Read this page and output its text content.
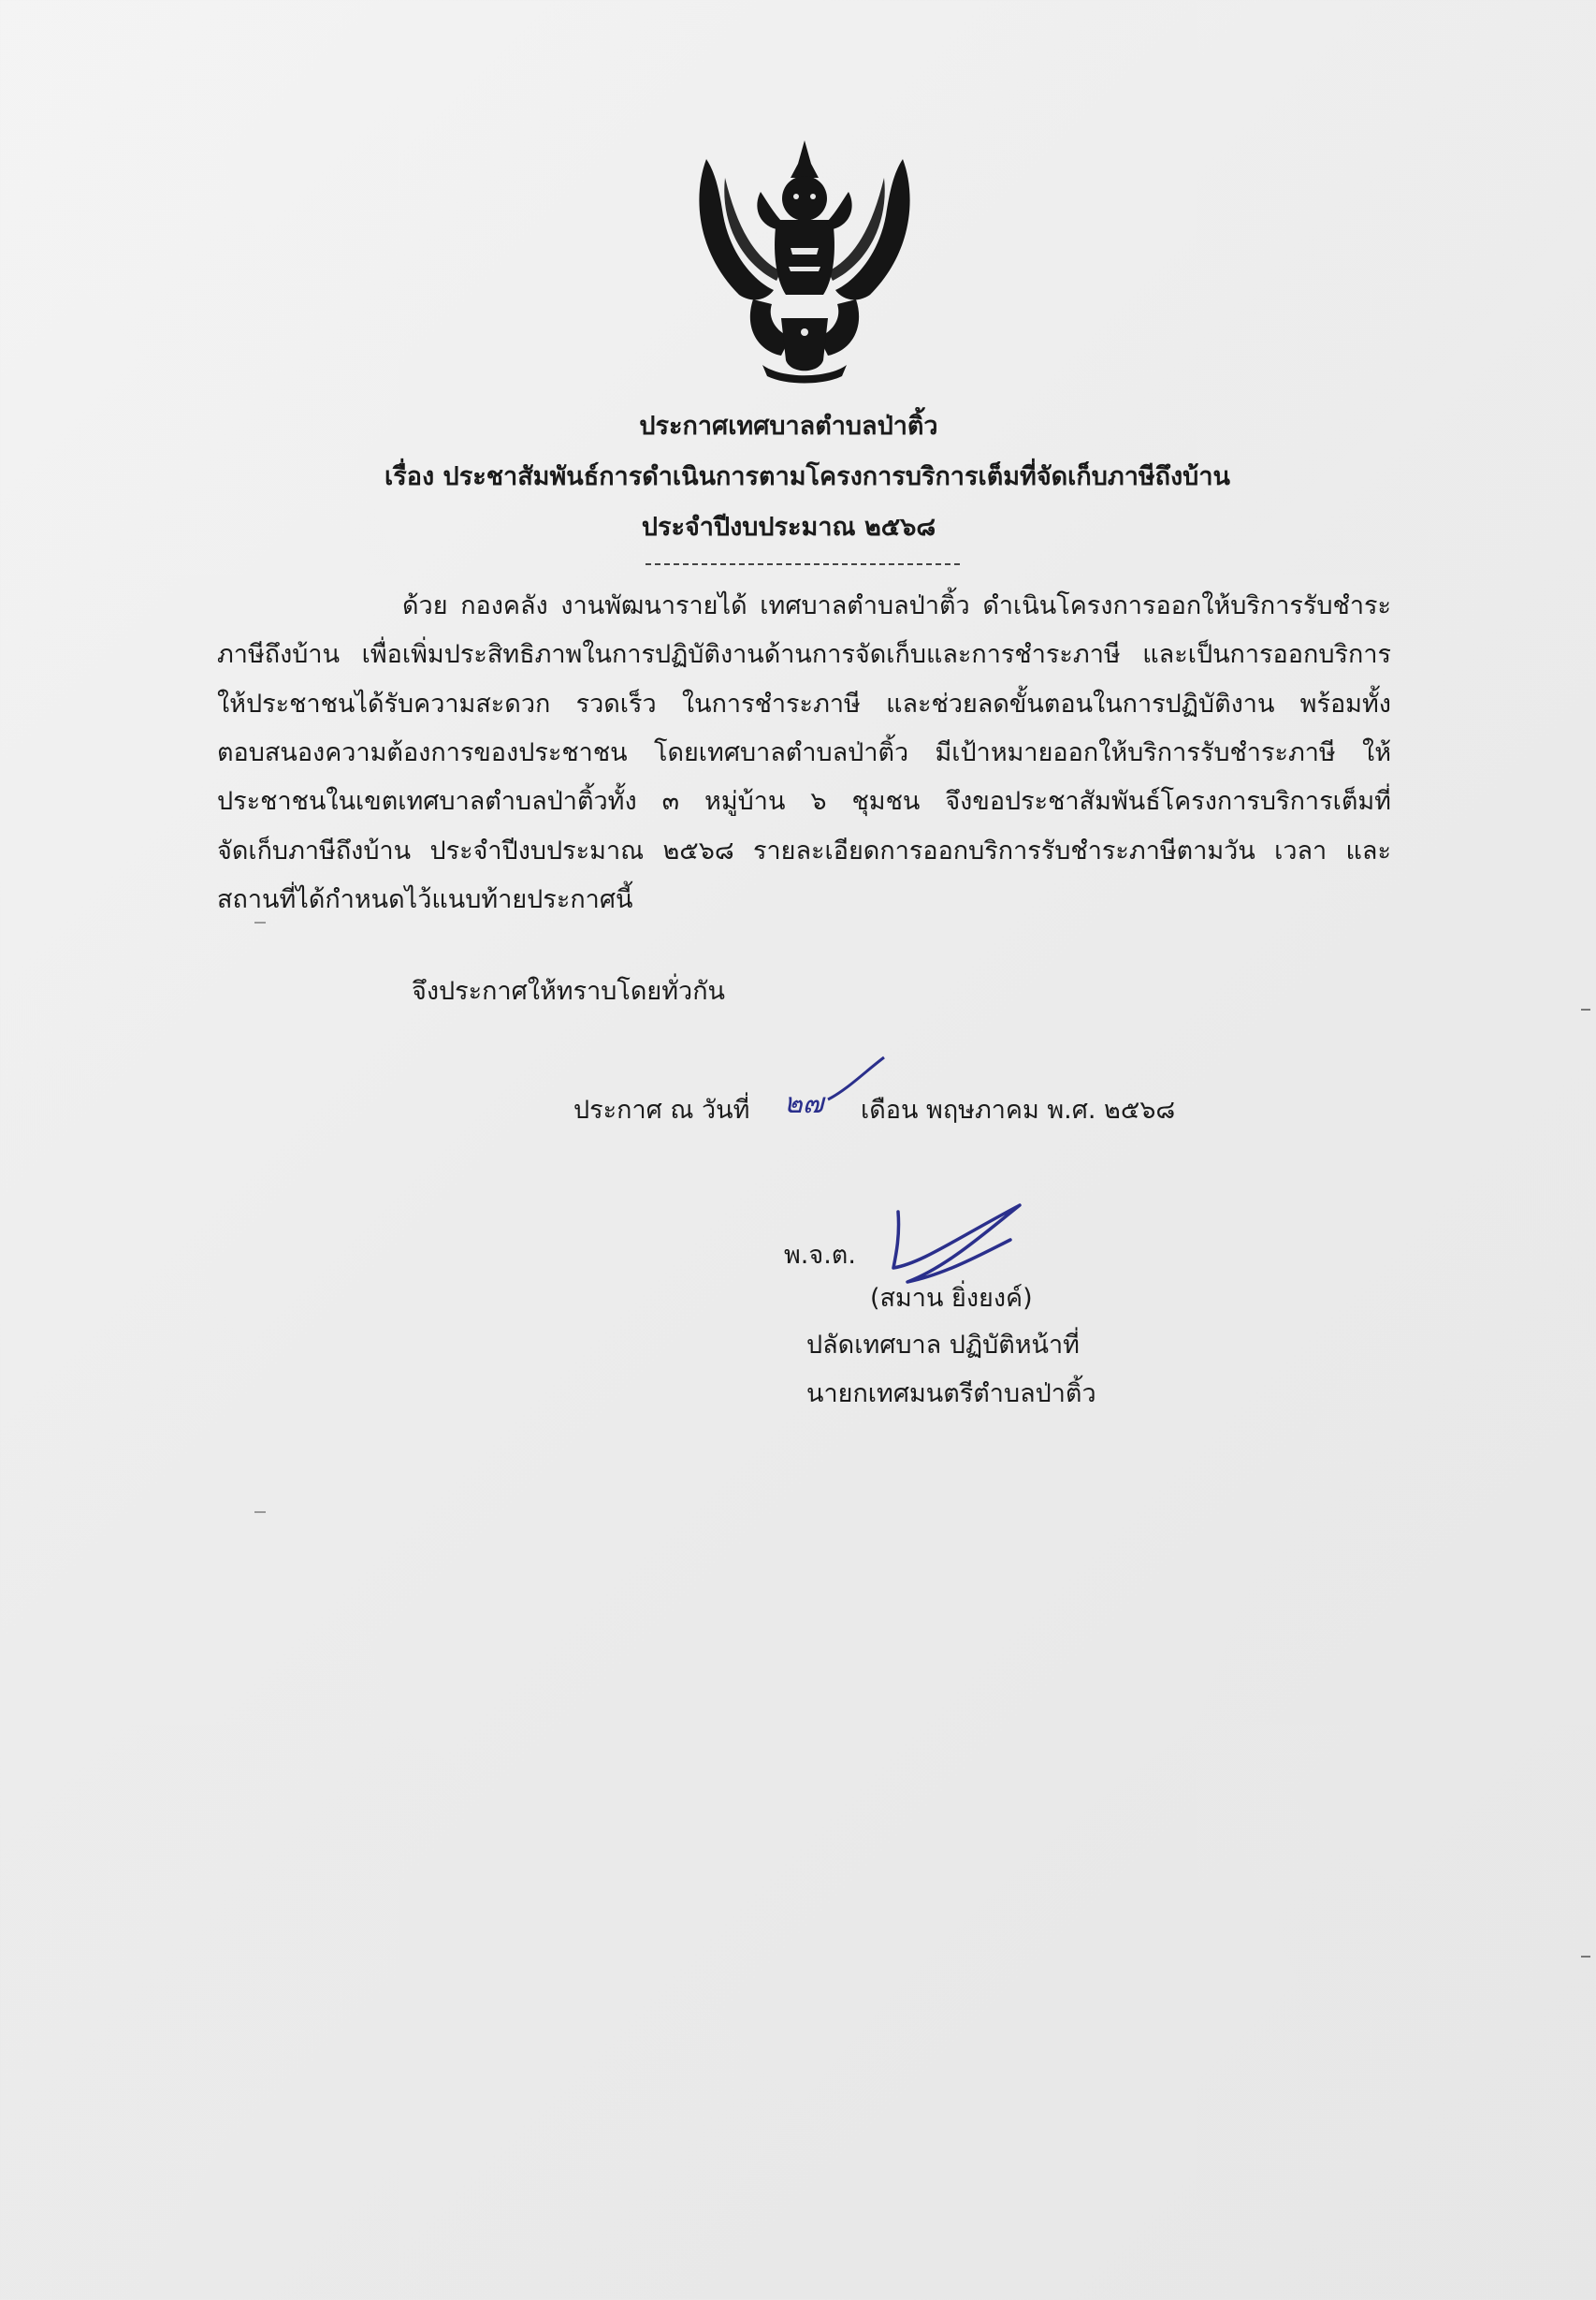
ประกาศเทศบาลตำบลป่าติ้ว
เรื่อง ประชาสัมพันธ์การดำเนินการตามโครงการบริการเต็มที่จัดเก็บภาษีถึงบ้าน
ประจำปีงบประมาณ ๒๕๖๘
ด้วย กองคลัง งานพัฒนารายได้ เทศบาลตำบลป่าติ้ว ดำเนินโครงการออกให้บริการรับชำระ
ภาษีถึงบ้าน เพื่อเพิ่มประสิทธิภาพในการปฏิบัติงานด้านการจัดเก็บและการชำระภาษี และเป็นการออกบริการ
ให้ประชาชนได้รับความสะดวก รวดเร็ว ในการชำระภาษี และช่วยลดขั้นตอนในการปฏิบัติงาน พร้อมทั้ง
ตอบสนองความต้องการของประชาชน โดยเทศบาลตำบลป่าติ้ว มีเป้าหมายออกให้บริการรับชำระภาษี ให้
ประชาชนในเขตเทศบาลตำบลป่าติ้วทั้ง ๓ หมู่บ้าน ๖ ชุมชน จึงขอประชาสัมพันธ์โครงการบริการเต็มที่
จัดเก็บภาษีถึงบ้าน ประจำปีงบประมาณ ๒๕๖๘ รายละเอียดการออกบริการรับชำระภาษีตามวัน เวลา และ
สถานที่ได้กำหนดไว้แนบท้ายประกาศนี้
จึงประกาศให้ทราบโดยทั่วกัน
ประกาศ ณ วันที่ ๒๗ เดือน พฤษภาคม พ.ศ. ๒๕๖๘
พ.จ.ต.
(สมาน ยิ่งยงค์)
ปลัดเทศบาล ปฏิบัติหน้าที่
นายกเทศมนตรีตำบลป่าติ้ว
